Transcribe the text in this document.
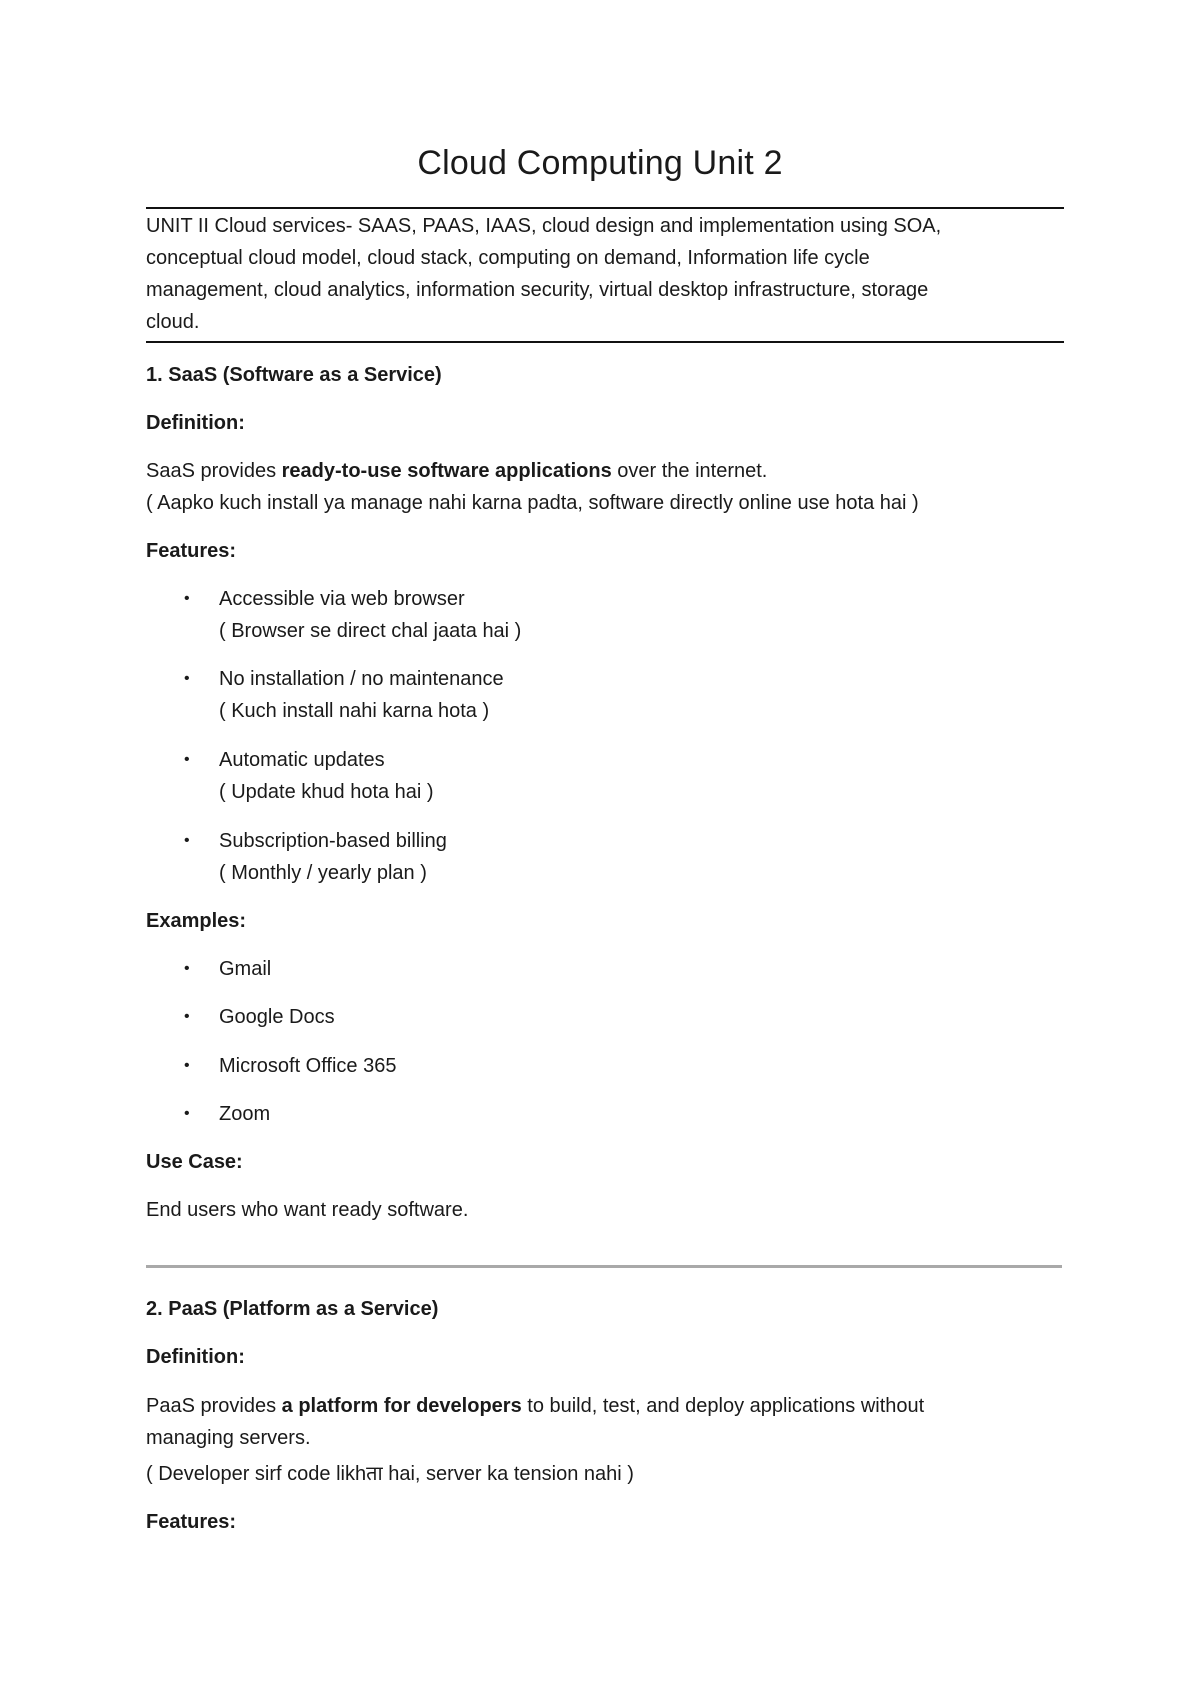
Cloud Computing Unit 2

UNIT II Cloud services- SAAS, PAAS, IAAS, cloud design and implementation using SOA,

conceptual cloud model, cloud stack, computing on demand, Information life cycle

management, cloud analytics, information security, virtual desktop infrastructure, storage

cloud.

1. SaaS (Software as a Service)

Definition:

SaaS provides ready-to-use software applications over the internet.

( Aapko kuch install ya manage nahi karna padta, software directly online use hota hai )

Features:

• Accessible via web browser

( Browser se direct chal jaata hai )

• No installation / no maintenance

( Kuch install nahi karna hota )

• Automatic updates

( Update khud hota hai )

• Subscription-based billing

( Monthly / yearly plan )

Examples:

• Gmail

• Google Docs

• Microsoft Office 365

• Zoom

Use Case:

End users who want ready software.

2. PaaS (Platform as a Service)

Definition:

PaaS provides a platform for developers to build, test, and deploy applications without

managing servers.

( Developer sirf code likhता hai, server ka tension nahi )

Features:
